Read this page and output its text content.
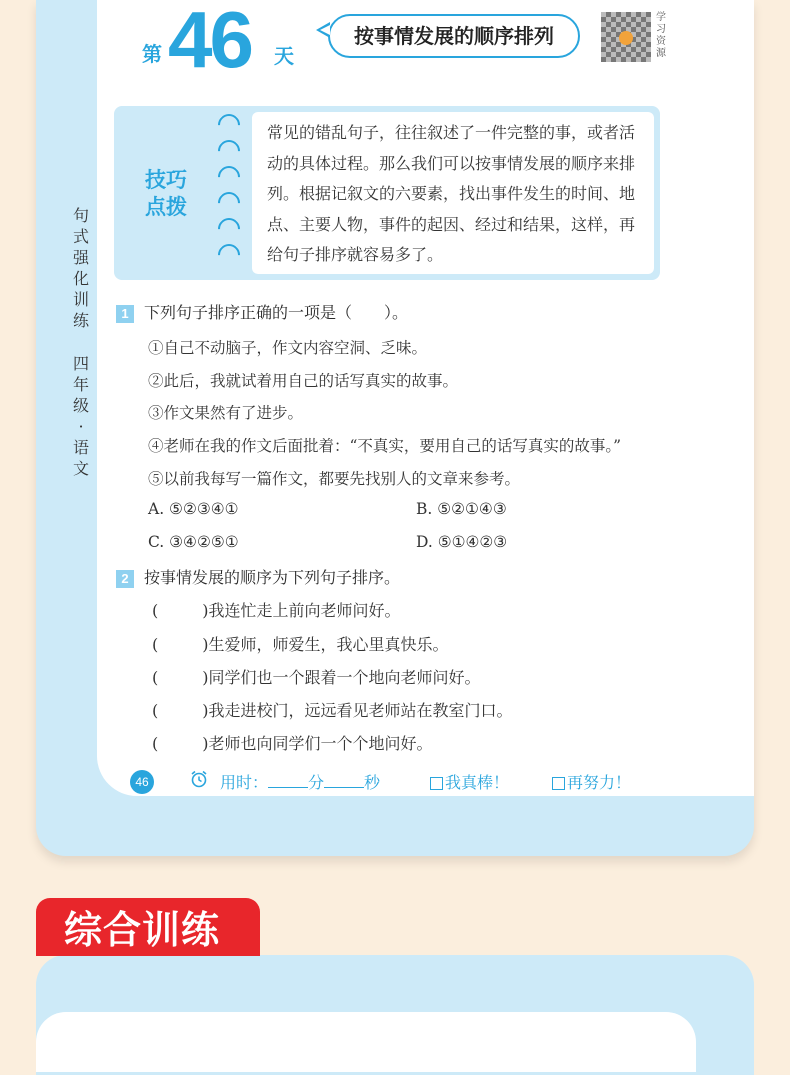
句
式
强
化
训
练
四
年
级
·
语
文
第 46 天
按事情发展的顺序排列
学习资源
技巧
点拨
常见的错乱句子，往往叙述了一件完整的事，或者活动的具体过程。那么我们可以按事情发展的顺序来排列。根据记叙文的六要素，找出事件发生的时间、地点、主要人物，事件的起因、经过和结果，这样，再给句子排序就容易多了。
1 下列句子排序正确的一项是（　　）。
①自己不动脑子，作文内容空洞、乏味。
②此后，我就试着用自己的话写真实的故事。
③作文果然有了进步。
④老师在我的作文后面批着：“不真实，要用自己的话写真实的故事。”
⑤以前我每写一篇作文，都要先找别人的文章来参考。
A. ⑤②③④①	B. ⑤②①④③
C. ③④②⑤①	D. ⑤①④②③
2 按事情发展的顺序为下列句子排序。
(	)我连忙走上前向老师问好。
(	)生爱师，师爱生，我心里真快乐。
(	)同学们也一个跟着一个地向老师问好。
(	)我走进校门，远远看见老师站在教室门口。
(	)老师也向同学们一个个地问好。
46	用时：	分	秒	我真棒！	再努力！
综合训练
